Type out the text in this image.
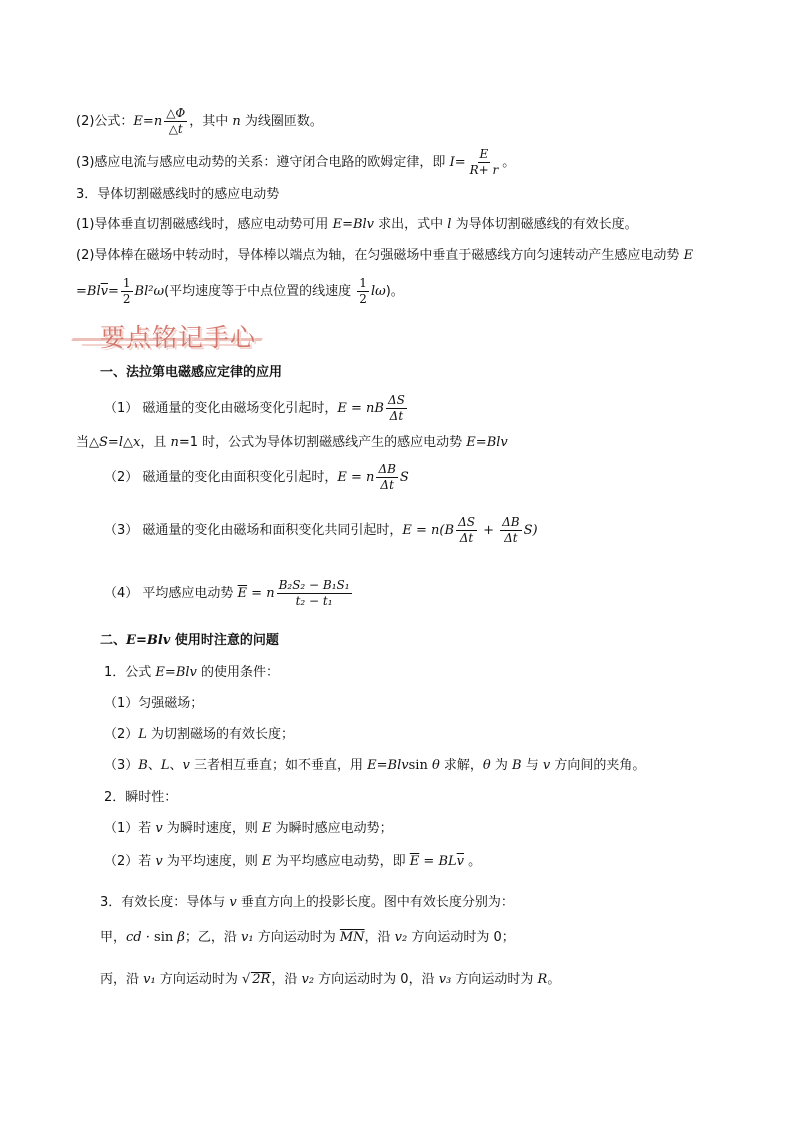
(2)公式：$E=n \frac{\triangle\Phi}{\triangle t}$ ，其中 n 为线圈匝数。
(3)感应电流与感应电动势的关系：遵守闭合电路的欧姆定律，即 $I= \frac{E}{R+ r}$ 。
3．导体切割磁感线时的感应电动势
(1)导体垂直切割磁感线时，感应电动势可用 E=Blv 求出，式中 l 为导体切割磁感线的有效长度。
(2)导体棒在磁场中转动时，导体棒以端点为轴，在匀强磁场中垂直于磁感线方向匀速转动产生感应电动势 E
$=Bl\overline{v}= \frac{1}{2} Bl^2\omega$(平均速度等于中点位置的线速度 $\frac{1}{2} l\omega$)。
要点铭记手心
一、法拉第电磁感应定律的应用
（1） 磁通量的变化由磁场变化引起时，E = nB $\frac{\Delta S}{\Delta t}$
当△S=l△x，且 n=1 时，公式为导体切割磁感线产生的感应电动势 E=Blv
（2） 磁通量的变化由面积变化引起时，E = n $\frac{\Delta B}{\Delta t}$ S
（3） 磁通量的变化由磁场和面积变化共同引起时，$E = n(B \frac{\Delta S}{\Delta t} + \frac{\Delta B}{\Delta t} S)$
（4） 平均感应电动势 $\overline{E} = n \frac{\text{B₂S₂ − B₁S₁}}{\text{t₂ − t₁}}$
二、E=Blv 使用时注意的问题
1．公式 E=Blv 的使用条件：
（1）匀强磁场；
（2）L 为切割磁场的有效长度；
（3）B、L、v 三者相互垂直；如不垂直，用 E=Blvsin θ 求解，θ 为 B 与 v 方向间的夹角。
2．瞬时性：
（1）若 v 为瞬时速度，则 E 为瞬时感应电动势；
（2）若 v 为平均速度，则 E 为平均感应电动势，即 $\overline{E} = BL\overline{v}$ 。
3．有效长度：导体与 v 垂直方向上的投影长度。图中有效长度分别为：
甲，cd · sin β；乙，沿 v₁ 方向运动时为 $\overline{MN}$，沿 v₂ 方向运动时为 0；
丙，沿 v₁ 方向运动时为 √ 2R，沿 v₂ 方向运动时为 0，沿 v₃ 方向运动时为 R。
